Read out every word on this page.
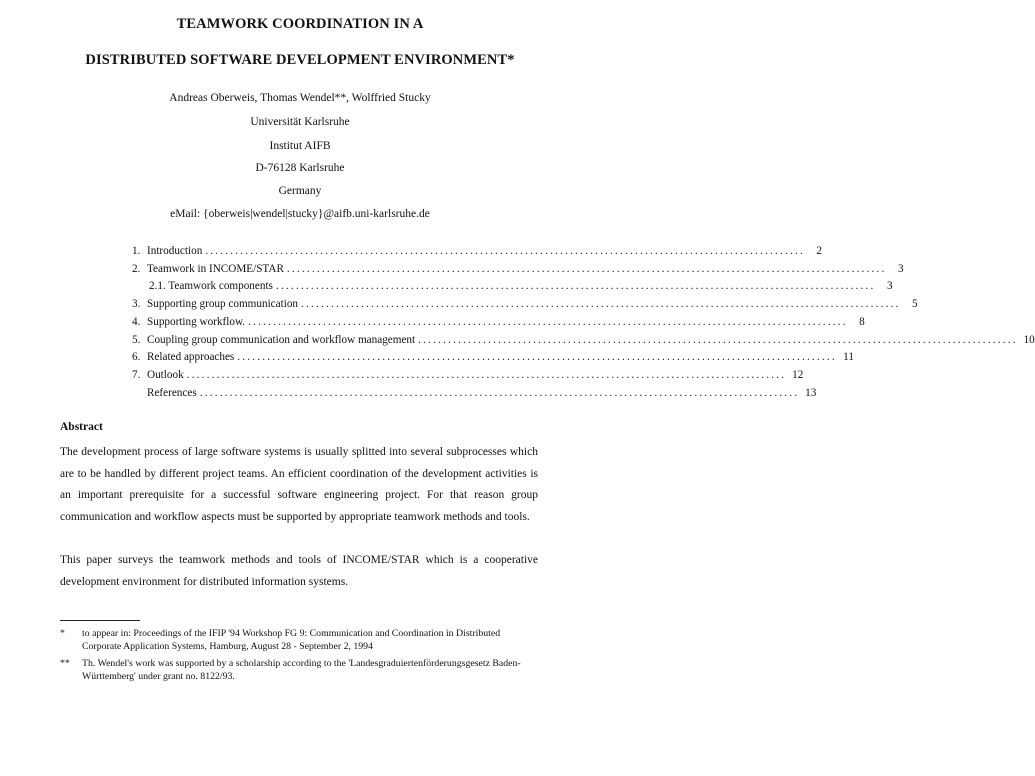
TEAMWORK COORDINATION IN A
DISTRIBUTED SOFTWARE DEVELOPMENT ENVIRONMENT*
Andreas Oberweis, Thomas Wendel**, Wolffried Stucky
Universität Karlsruhe
Institut AIFB
D-76128 Karlsruhe
Germany
eMail: {oberweis|wendel|stucky}@aifb.uni-karlsruhe.de
1. Introduction ........................................................................................................................	2
2. Teamwork in INCOME/STAR ........................................................................................................................	3
2.1. Teamwork components ........................................................................................................................	3
3. Supporting group communication ........................................................................................................................	5
4. Supporting workflow. ........................................................................................................................	8
5. Coupling group communication and workflow management ........................................................................................................................ 10
6. Related approaches ........................................................................................................................ 11
7. Outlook ........................................................................................................................ 12
References ........................................................................................................................ 13
Abstract
The development process of large software systems is usually splitted into several subprocesses which are to be handled by different project teams. An efficient coordination of the development activities is an important prerequisite for a successful software engineering project. For that reason group communication and workflow aspects must be supported by appropriate teamwork methods and tools.
This paper surveys the teamwork methods and tools of INCOME/STAR which is a cooperative development environment for distributed information systems.
*	to appear in: Proceedings of the IFIP '94 Workshop FG 9: Communication and Coordination in Distributed Corporate Application Systems, Hamburg, August 28 - September 2, 1994
**	Th. Wendel's work was supported by a scholarship according to the 'Landesgraduiertenförderungsgesetz Baden-Württemberg' under grant no. 8122/93.
